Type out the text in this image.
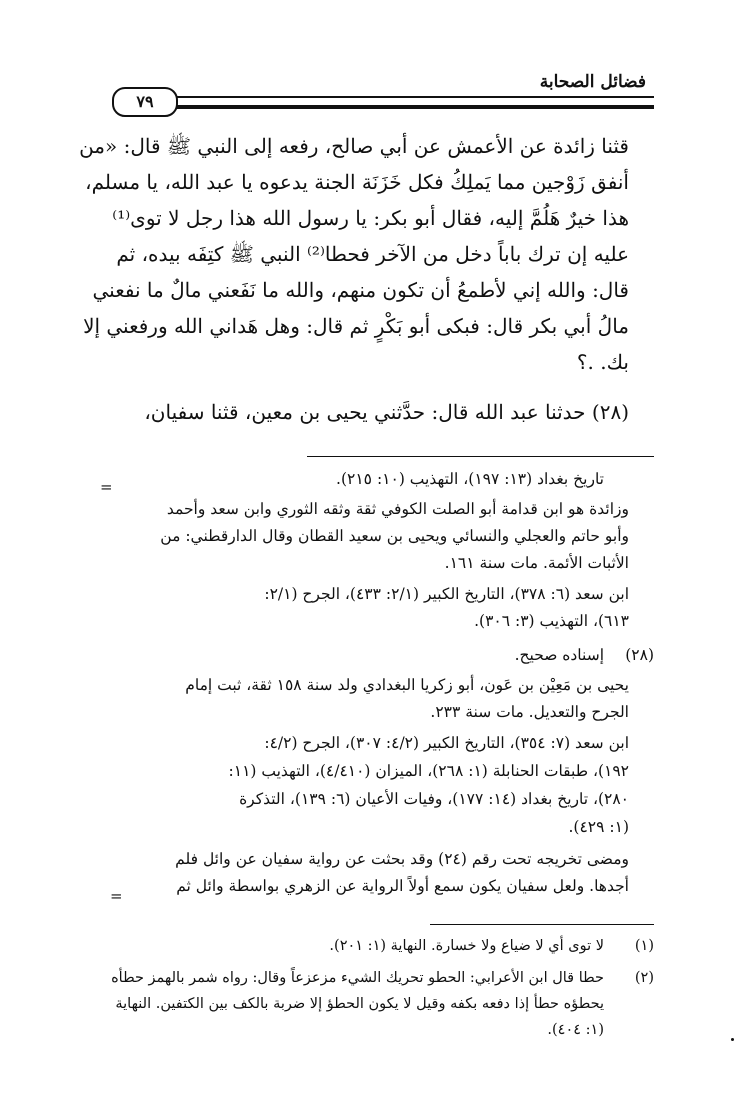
فضائل الصحابة
٧٩
قثنا زائدة عن الأعمش عن أبي صالح، رفعه إلى النبي ﷺ قال: «من
أنفق زَوْجين مما يَملِكُ فكل خَزَنَة الجنة يدعوه يا عبد الله، يا مسلم،
هذا خيرٌ هَلُمَّ إليه، فقال أبو بكر: يا رسول الله هذا رجل لا توى⁽¹⁾
عليه إن ترك باباً دخل من الآخر فحطا⁽²⁾ النبي ﷺ كتِفَه بيده، ثم
قال: والله إني لأطمعُ أن تكون منهم، والله ما نَفَعني مالٌ ما نفعني
مالُ أبي بكر قال: فبكى أبو بَكْرٍ ثم قال: وهل هَداني الله ورفعني إلا
بك. .؟
(٢٨) حدثنا عبد الله قال: حدَّثني يحيى بن معين، قثنا سفيان،
=	تاريخ بغداد (١٣: ١٩٧)، التهذيب (١٠: ٢١٥).
وزائدة هو ابن قدامة أبو الصلت الكوفي ثقة وثقه الثوري وابن سعد وأحمد
وأبو حاتم والعجلي والنسائي ويحيى بن سعيد القطان وقال الدارقطني: من
الأثبات الأئمة. مات سنة ١٦١.
ابن سعد (٦: ٣٧٨)، التاريخ الكبير (٢/١: ٤٣٣)، الجرح (٢/١:
٦١٣)، التهذيب (٣: ٣٠٦).
(٢٨)
إسناده صحيح.
يحيى بن مَعِيْن بن عَون، أبو زكريا البغدادي ولد سنة ١٥٨ ثقة، ثبت إمام
الجرح والتعديل. مات سنة ٢٣٣.
ابن سعد (٧: ٣٥٤)، التاريخ الكبير (٤/٢: ٣٠٧)، الجرح (٤/٢:
١٩٢)، طبقات الحنابلة (١: ٢٦٨)، الميزان (٤/٤١٠)، التهذيب (١١:
٢٨٠)، تاريخ بغداد (١٤: ١٧٧)، وفيات الأعيان (٦: ١٣٩)، التذكرة
(١: ٤٢٩).
ومضى تخريجه تحت رقم (٢٤) وقد بحثت عن رواية سفيان عن وائل فلم
أجدها. ولعل سفيان يكون سمع أولاً الرواية عن الزهري بواسطة وائل ثم
=
(١)
لا توى أي لا ضياع ولا خسارة. النهاية (١: ٢٠١).
(٢)
حطا قال ابن الأعرابي: الحطو تحريك الشيء مزعزعاً وقال: رواه شمر بالهمز حطأه
يحطؤه حطأ إذا دفعه بكفه وقيل لا يكون الحطؤ إلا ضربة بالكف بين الكتفين. النهاية
(١: ٤٠٤).
